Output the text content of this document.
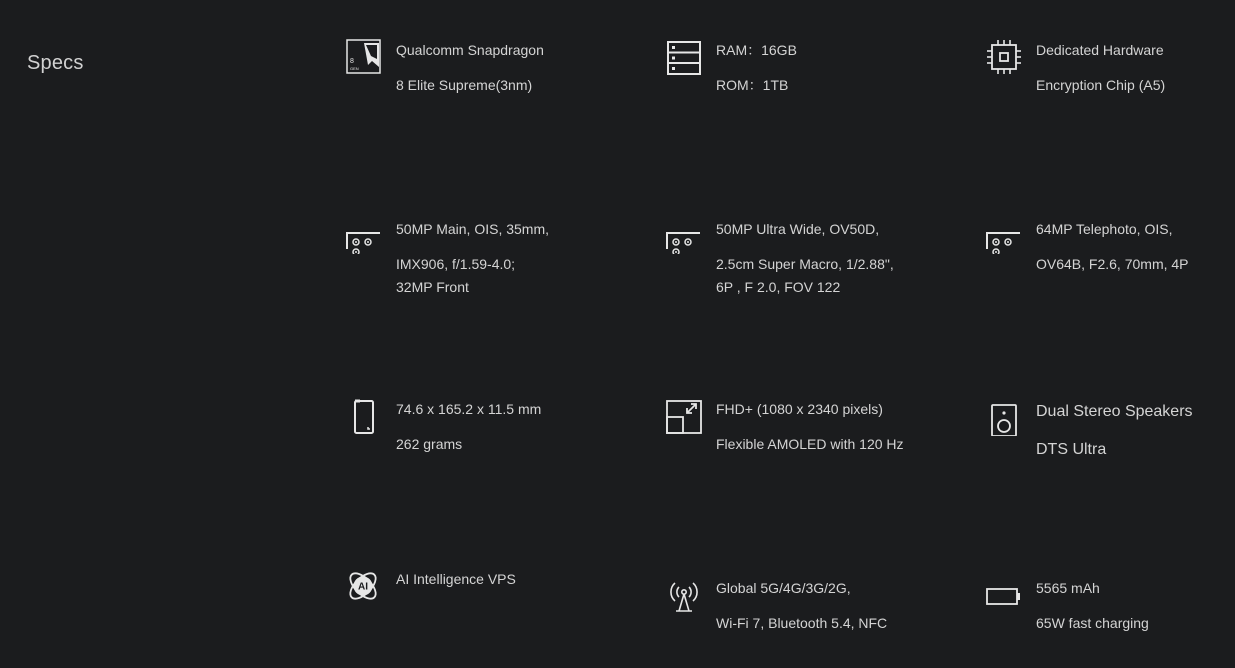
Specs	8
GEN
Qualcomm Snapdragon
8 Elite Supreme(3nm)
RAM：16GB
ROM：1TB
Dedicated Hardware
Encryption Chip (A5)
50MP Main, OIS, 35mm,
IMX906, f/1.59-4.0;
32MP Front
50MP Ultra Wide, OV50D,
2.5cm Super Macro, 1/2.88",
6P , F 2.0, FOV 122
64MP Telephoto, OIS,
OV64B, F2.6, 70mm, 4P
74.6 x 165.2 x 11.5 mm
262 grams
FHD+ (1080 x 2340 pixels)
Flexible AMOLED with 120 Hz
Dual Stereo Speakers
DTS Ultra
AI AI Intelligence VPS
Global 5G/4G/3G/2G,
Wi-Fi 7, Bluetooth 5.4, NFC
5565 mAh
65W fast charging
